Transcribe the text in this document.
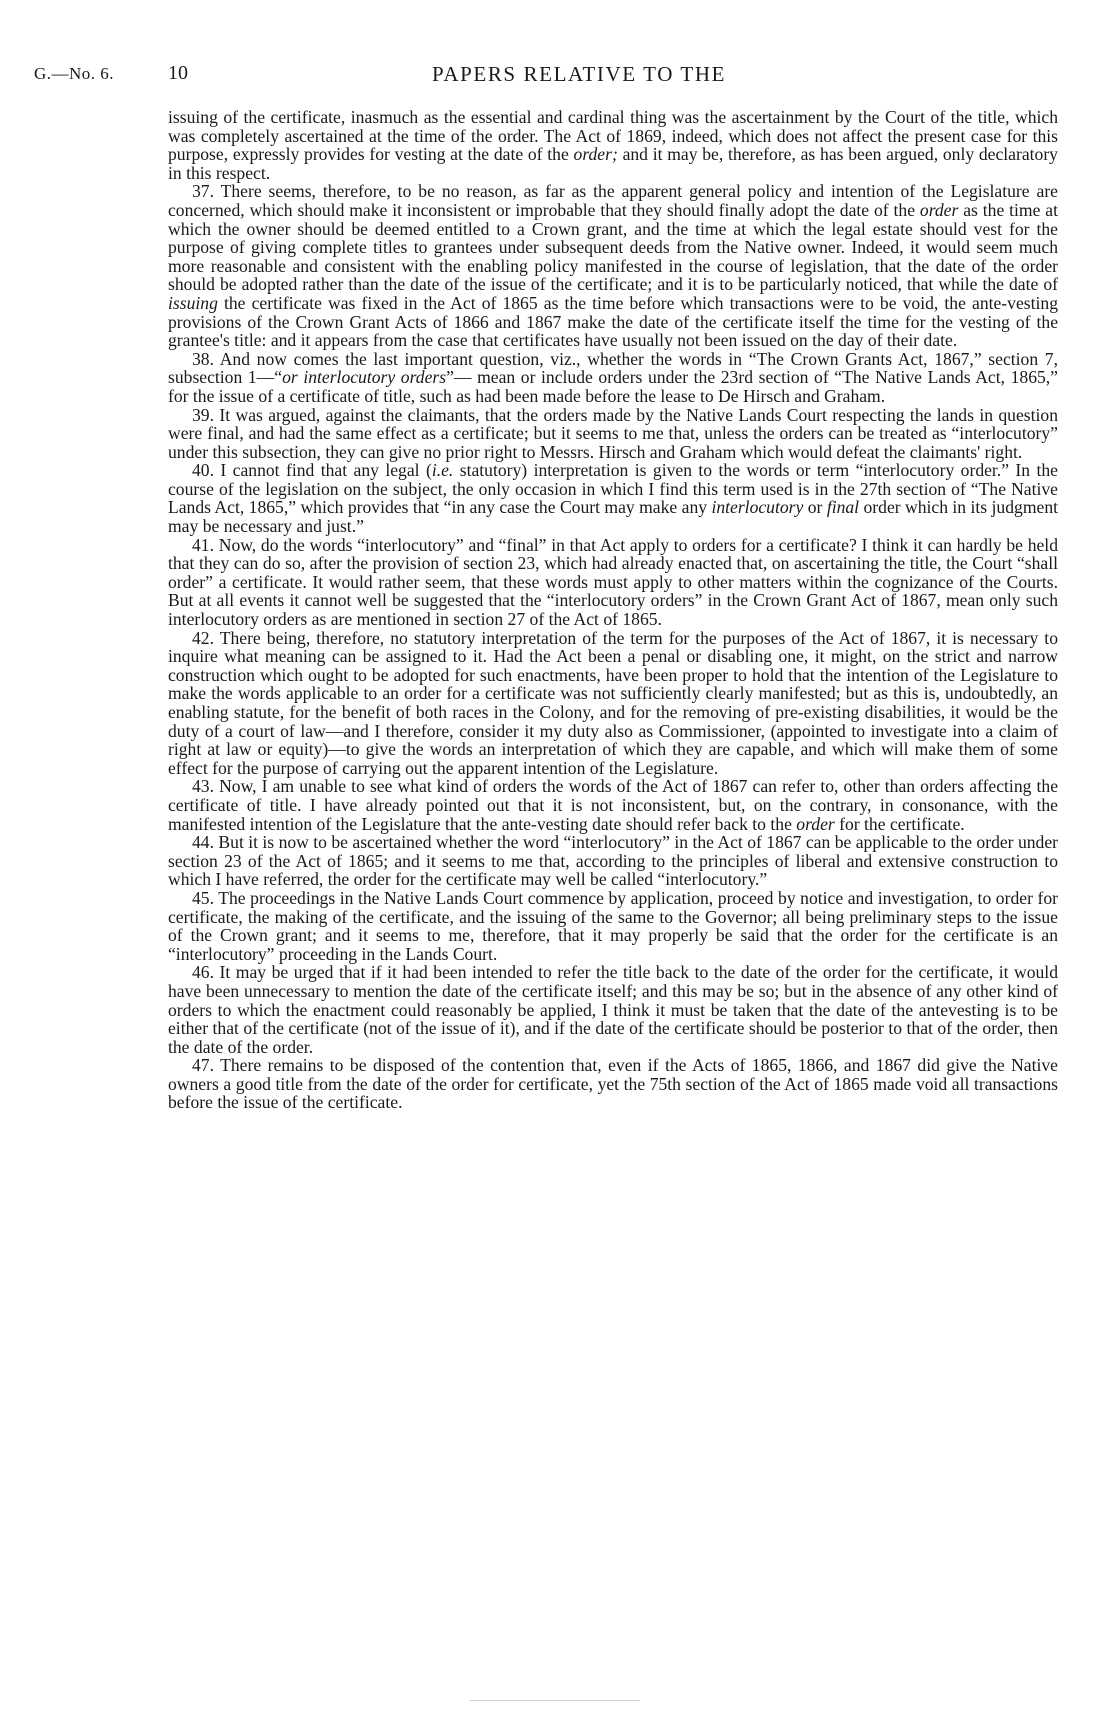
G.—No. 6.	10	PAPERS RELATIVE TO THE

issuing of the certificate, inasmuch as the essential and cardinal thing was the ascertainment by the Court of the title, which was completely ascertained at the time of the order. The Act of 1869, indeed, which does not affect the present case for this purpose, expressly provides for vesting at the date of the order; and it may be, therefore, as has been argued, only declaratory in this respect.

37. There seems, therefore, to be no reason, as far as the apparent general policy and intention of the Legislature are concerned, which should make it inconsistent or improbable that they should finally adopt the date of the order as the time at which the owner should be deemed entitled to a Crown grant, and the time at which the legal estate should vest for the purpose of giving complete titles to grantees under subsequent deeds from the Native owner. Indeed, it would seem much more reasonable and consistent with the enabling policy manifested in the course of legislation, that the date of the order should be adopted rather than the date of the issue of the certificate; and it is to be particularly noticed, that while the date of issuing the certificate was fixed in the Act of 1865 as the time before which transactions were to be void, the ante-vesting provisions of the Crown Grant Acts of 1866 and 1867 make the date of the certificate itself the time for the vesting of the grantee's title: and it appears from the case that certificates have usually not been issued on the day of their date.

38. And now comes the last important question, viz., whether the words in “The Crown Grants Act, 1867,” section 7, subsection 1—“or interlocutory orders”— mean or include orders under the 23rd section of “The Native Lands Act, 1865,” for the issue of a certificate of title, such as had been made before the lease to De Hirsch and Graham.

39. It was argued, against the claimants, that the orders made by the Native Lands Court respecting the lands in question were final, and had the same effect as a certificate; but it seems to me that, unless the orders can be treated as “interlocutory” under this subsection, they can give no prior right to Messrs. Hirsch and Graham which would defeat the claimants' right.

40. I cannot find that any legal (i.e. statutory) interpretation is given to the words or term “interlocutory order.” In the course of the legislation on the subject, the only occasion in which I find this term used is in the 27th section of “The Native Lands Act, 1865,” which provides that “in any case the Court may make any interlocutory or final order which in its judgment may be necessary and just.”

41. Now, do the words “interlocutory” and “final” in that Act apply to orders for a certificate? I think it can hardly be held that they can do so, after the provision of section 23, which had already enacted that, on ascertaining the title, the Court “shall order” a certificate. It would rather seem, that these words must apply to other matters within the cognizance of the Courts. But at all events it cannot well be suggested that the “interlocutory orders” in the Crown Grant Act of 1867, mean only such interlocutory orders as are mentioned in section 27 of the Act of 1865.

42. There being, therefore, no statutory interpretation of the term for the purposes of the Act of 1867, it is necessary to inquire what meaning can be assigned to it. Had the Act been a penal or disabling one, it might, on the strict and narrow construction which ought to be adopted for such enactments, have been proper to hold that the intention of the Legislature to make the words applicable to an order for a certificate was not sufficiently clearly manifested; but as this is, undoubtedly, an enabling statute, for the benefit of both races in the Colony, and for the removing of pre-existing disabilities, it would be the duty of a court of law—and I therefore, consider it my duty also as Commissioner, (appointed to investigate into a claim of right at law or equity)—to give the words an interpretation of which they are capable, and which will make them of some effect for the purpose of carrying out the apparent intention of the Legislature.

43. Now, I am unable to see what kind of orders the words of the Act of 1867 can refer to, other than orders affecting the certificate of title. I have already pointed out that it is not inconsistent, but, on the contrary, in consonance, with the manifested intention of the Legislature that the ante-vesting date should refer back to the order for the certificate.

44. But it is now to be ascertained whether the word “interlocutory” in the Act of 1867 can be applicable to the order under section 23 of the Act of 1865; and it seems to me that, according to the principles of liberal and extensive construction to which I have referred, the order for the certificate may well be called “interlocutory.”

45. The proceedings in the Native Lands Court commence by application, proceed by notice and investigation, to order for certificate, the making of the certificate, and the issuing of the same to the Governor; all being preliminary steps to the issue of the Crown grant; and it seems to me, therefore, that it may properly be said that the order for the certificate is an “interlocutory” proceeding in the Lands Court.

46. It may be urged that if it had been intended to refer the title back to the date of the order for the certificate, it would have been unnecessary to mention the date of the certificate itself; and this may be so; but in the absence of any other kind of orders to which the enactment could reasonably be applied, I think it must be taken that the date of the antevesting is to be either that of the certificate (not of the issue of it), and if the date of the certificate should be posterior to that of the order, then the date of the order.

47. There remains to be disposed of the contention that, even if the Acts of 1865, 1866, and 1867 did give the Native owners a good title from the date of the order for certificate, yet the 75th section of the Act of 1865 made void all transactions before the issue of the certificate.
